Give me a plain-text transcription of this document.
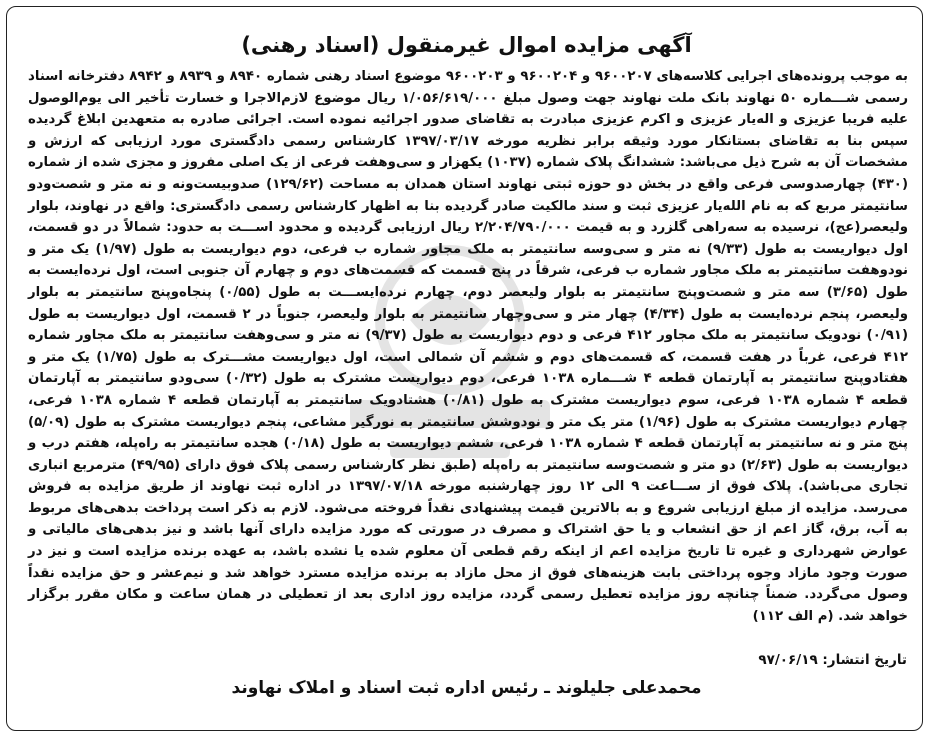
آگهی مزایده اموال غیرمنقول (اسناد رهنی)

به موجب پرونده‌های اجرایی کلاسه‌های ۹۶۰۰۲۰۷ و ۹۶۰۰۲۰۴ و ۹۶۰۰۲۰۳ موضوع اسناد رهنی شماره ۸۹۴۰ و ۸۹۳۹ و ۸۹۴۲ دفترخانه اسناد رسمی شـــماره ۵۰ نهاوند بانک ملت نهاوند جهت وصول مبلغ ۱/۰۵۶/۶۱۹/۰۰۰ ریال موضوع لازم‌الاجرا و خسارت تأخیر الی یوم‌الوصول علیه فریبا عزیزی و اله‌یار عزیزی و اکرم عزیزی مبادرت به تقاضای صدور اجرائیه نموده است. اجرائی صادره به متعهدین ابلاغ گردیده سپس بنا به تقاضای بستانکار مورد وثیقه برابر نظریه مورخه ۱۳۹۷/۰۳/۱۷ کارشناس رسمی دادگستری مورد ارزیابی که ارزش و مشخصات آن به شرح ذیل می‌باشد: ششدانگ پلاک شماره (۱۰۳۷) یکهزار و سی‌وهفت فرعی از یک اصلی مفروز و مجزی شده از شماره (۴۳۰) چهارصدوسی فرعی واقع در بخش دو حوزه ثبتی نهاوند استان همدان به مساحت (۱۲۹/۶۲) صدوبیست‌ونه و نه متر و شصت‌ودو سانتیمتر مربع که به نام الله‌یار عزیزی ثبت و سند مالکیت صادر گردیده بنا به اظهار کارشناس رسمی دادگستری: واقع در نهاوند، بلوار ولیعصر(عج)، نرسیده به سه‌راهی گلزرد و به قیمت ۲/۲۰۴/۷۹۰/۰۰۰ ریال ارزیابی گردیده و محدود اســـت به حدود: شمالاً در دو قسمت، اول دیواریست به طول (۹/۳۳) نه متر و سی‌وسه سانتیمتر به ملک مجاور شماره ب فرعی، دوم دیواریست به طول (۱/۹۷) یک متر و نودوهفت سانتیمتر به ملک مجاور شماره ب فرعی، شرقاً در پنج قسمت که قسمت‌های دوم و چهارم آن جنوبی است، اول نرده‌ایست به طول (۳/۶۵) سه متر و شصت‌وپنج سانتیمتر به بلوار ولیعصر دوم، چهارم نرده‌ایســـت به طول (۰/۵۵) پنجاه‌وپنج سانتیمتر به بلوار ولیعصر، پنجم نرده‌ایست به طول (۴/۳۴) چهار متر و سی‌وچهار سانتیمتر به بلوار ولیعصر، جنوباً در ۲ قسمت، اول دیواریست به طول (۰/۹۱) نودویک سانتیمتر به ملک مجاور ۴۱۲ فرعی و دوم دیواریست به طول (۹/۳۷) نه متر و سی‌وهفت سانتیمتر به ملک مجاور شماره ۴۱۲ فرعی، غرباً در هفت قسمت، که قسمت‌های دوم و ششم آن شمالی است، اول دیواریست مشـــترک به طول (۱/۷۵) یک متر و هفتادوپنج سانتیمتر به آپارتمان قطعه ۴ شـــماره ۱۰۳۸ فرعی، دوم دیواریست مشترک به طول (۰/۳۲) سی‌ودو سانتیمتر به آپارتمان قطعه ۴ شماره ۱۰۳۸ فرعی، سوم دیواریست مشترک به طول (۰/۸۱) هشتادویک سانتیمتر به آپارتمان قطعه ۴ شماره ۱۰۳۸ فرعی، چهارم دیواریست مشترک به طول (۱/۹۶) متر یک متر و نودوشش سانتیمتر به نورگیر مشاعی، پنجم دیواریست مشترک به طول (۵/۰۹) پنج متر و نه سانتیمتر به آپارتمان قطعه ۴ شماره ۱۰۳۸ فرعی، ششم دیواریست به طول (۰/۱۸) هجده سانتیمتر به راه‌پله، هفتم درب و دیواریست به طول (۲/۶۳) دو متر و شصت‌وسه سانتیمتر به راه‌پله (طبق نظر کارشناس رسمی پلاک فوق دارای (۴۹/۹۵) مترمربع انباری تجاری می‌باشد). پلاک فوق از ســـاعت ۹ الی ۱۲ روز چهارشنبه مورخه ۱۳۹۷/۰۷/۱۸ در اداره ثبت نهاوند از طریق مزایده به فروش می‌رسد. مزایده از مبلغ ارزیابی شروع و به بالاترین قیمت پیشنهادی نقداً فروخته می‌شود. لازم به ذکر است پرداخت بدهی‌های مربوط به آب، برق، گاز اعم از حق انشعاب و یا حق اشتراک و مصرف در صورتی که مورد مزایده دارای آنها باشد و نیز بدهی‌های مالیاتی و عوارض شهرداری و غیره تا تاریخ مزایده اعم از اینکه رقم قطعی آن معلوم شده یا نشده باشد، به عهده برنده مزایده است و نیز در صورت وجود مازاد وجوه پرداختی بابت هزینه‌های فوق از محل مازاد به برنده مزایده مسترد خواهد شد و نیم‌عشر و حق مزایده نقداً وصول می‌گردد. ضمناً چنانچه روز مزایده تعطیل رسمی گردد، مزایده روز اداری بعد از تعطیلی در همان ساعت و مکان مقرر برگزار خواهد شد. (م الف ۱۱۲)

تاریخ انتشار: ۹۷/۰۶/۱۹
محمدعلی جلیلوند ـ رئیس اداره ثبت اسناد و املاک نهاوند
